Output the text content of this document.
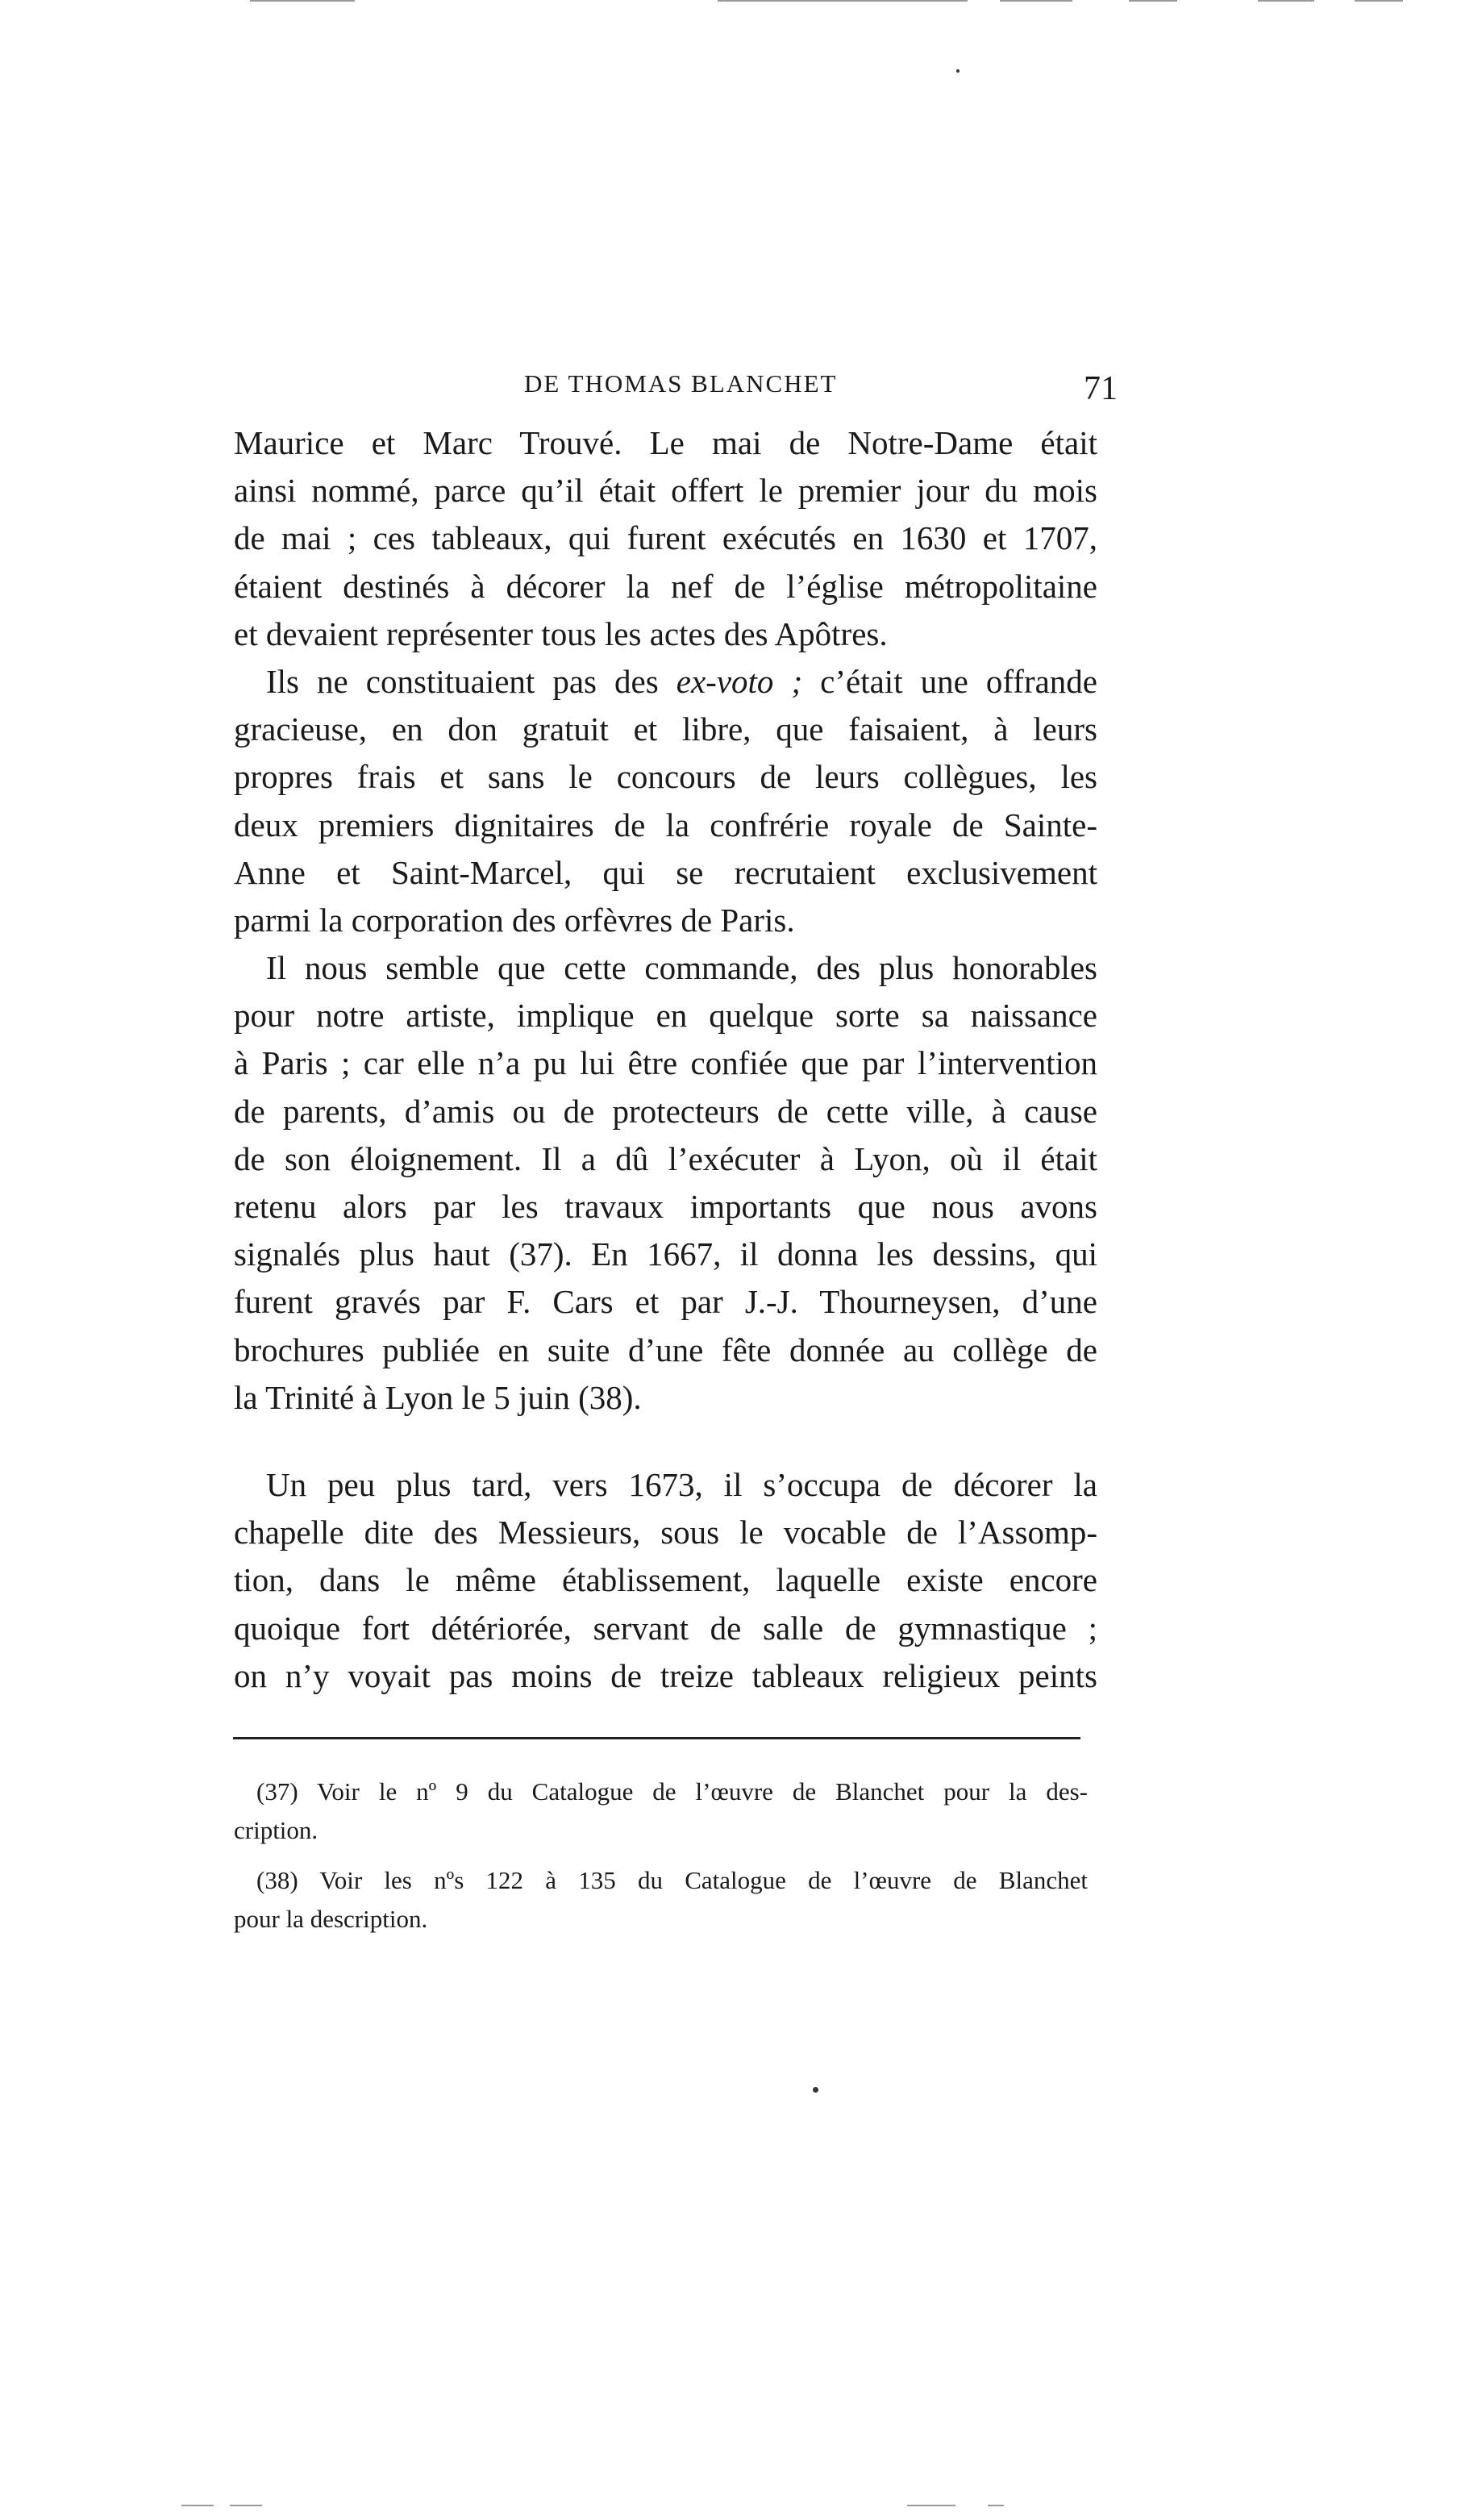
DE THOMAS BLANCHET	71
Maurice et Marc Trouvé. Le mai de Notre-Dame était
ainsi nommé, parce qu’il était offert le premier jour du mois
de mai ; ces tableaux, qui furent exécutés en 1630 et 1707,
étaient destinés à décorer la nef de l’église métropolitaine
et devaient représenter tous les actes des Apôtres.
Ils ne constituaient pas des ex-voto ; c’était une offrande
gracieuse, en don gratuit et libre, que faisaient, à leurs
propres frais et sans le concours de leurs collègues, les
deux premiers dignitaires de la confrérie royale de Sainte-
Anne et Saint-Marcel, qui se recrutaient exclusivement
parmi la corporation des orfèvres de Paris.
Il nous semble que cette commande, des plus honorables
pour notre artiste, implique en quelque sorte sa naissance
à Paris ; car elle n’a pu lui être confiée que par l’intervention
de parents, d’amis ou de protecteurs de cette ville, à cause
de son éloignement. Il a dû l’exécuter à Lyon, où il était
retenu alors par les travaux importants que nous avons
signalés plus haut (37). En 1667, il donna les dessins, qui
furent gravés par F. Cars et par J.-J. Thourneysen, d’une
brochures publiée en suite d’une fête donnée au collège de
la Trinité à Lyon le 5 juin (38).
Un peu plus tard, vers 1673, il s’occupa de décorer la
chapelle dite des Messieurs, sous le vocable de l’Assomp-
tion, dans le même établissement, laquelle existe encore
quoique fort détériorée, servant de salle de gymnastique ;
on n’y voyait pas moins de treize tableaux religieux peints
(37) Voir le nº 9 du Catalogue de l’œuvre de Blanchet pour la des-
cription.
(38) Voir les nºs 122 à 135 du Catalogue de l’œuvre de Blanchet
pour la description.
